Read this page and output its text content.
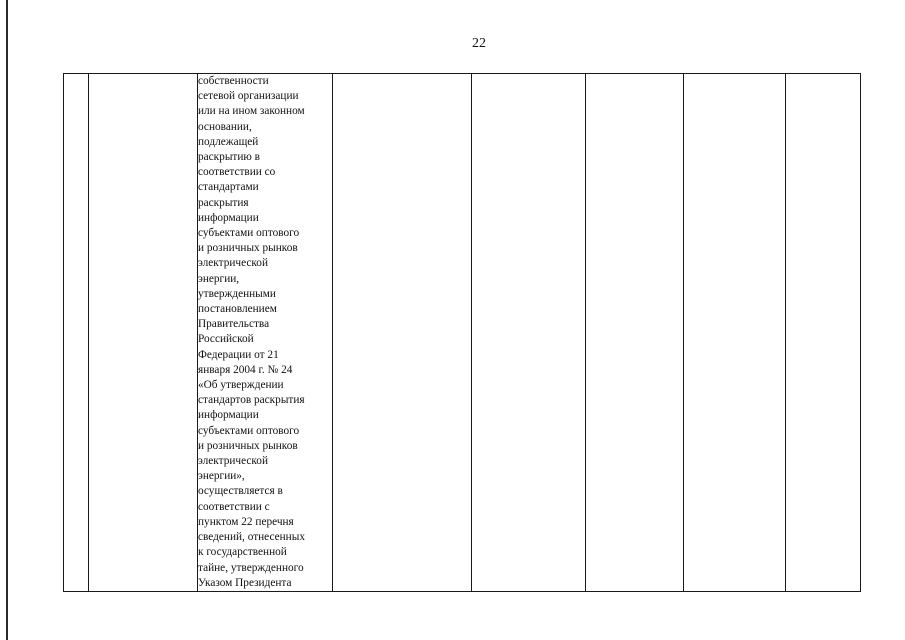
22
		собственности
сетевой организации
или на ином законном
основании,
подлежащей
раскрытию в
соответствии со
стандартами
раскрытия
информации
субъектами оптового
и розничных рынков
электрической
энергии,
утвержденными
постановлением
Правительства
Российской
Федерации от 21
января 2004 г. № 24
«Об утверждении
стандартов раскрытия
информации
субъектами оптового
и розничных рынков
электрической
энергии»,
осуществляется в
соответствии с
пунктом 22 перечня
сведений, отнесенных
к государственной
тайне, утвержденного
Указом Президента					
